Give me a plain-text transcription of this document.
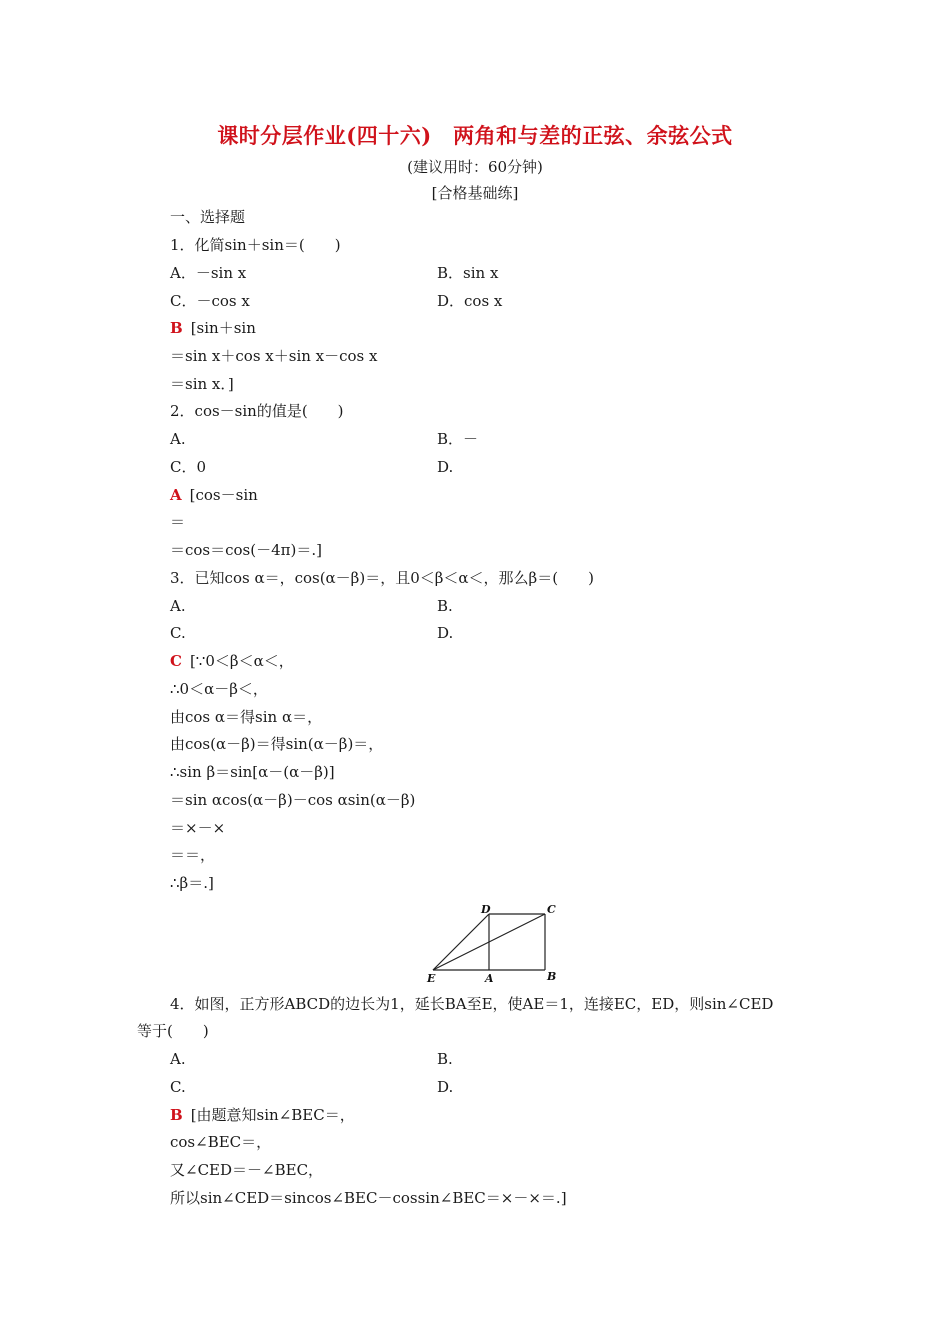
课时分层作业(四十六)　两角和与差的正弦、余弦公式
(建议用时：60分钟)
[合格基础练]
一、选择题
1．化简sin＋sin＝(　　)
A．－sin x	B．sin x
C．－cos x	D．cos x
B [sin＋sin
＝sin x＋cos x＋sin x－cos x
＝sin x．]
2．cos－sin的值是(　　)
A.	B．－
C．0	D.
A [cos－sin
＝
＝cos＝cos(－4π)＝.]
3．已知cos α＝，cos(α－β)＝，且0＜β＜α＜，那么β＝(　　)
A.	B.
C.	D.
C [∵0＜β＜α＜，
∴0＜α－β＜，
由cos α＝得sin α＝，
由cos(α－β)＝得sin(α－β)＝，
∴sin β＝sin[α－(α－β)]
＝sin αcos(α－β)－cos αsin(α－β)
＝×－×
＝＝，
∴β＝.]
D	C
E	A	B
4．如图，正方形ABCD的边长为1，延长BA至E，使AE＝1，连接EC，ED，则sin∠CED
等于(　　)
A.	B.
C.	D.
B [由题意知sin∠BEC＝，
cos∠BEC＝，
又∠CED＝－∠BEC，
所以sin∠CED＝sincos∠BEC－cossin∠BEC＝×－×＝.]
